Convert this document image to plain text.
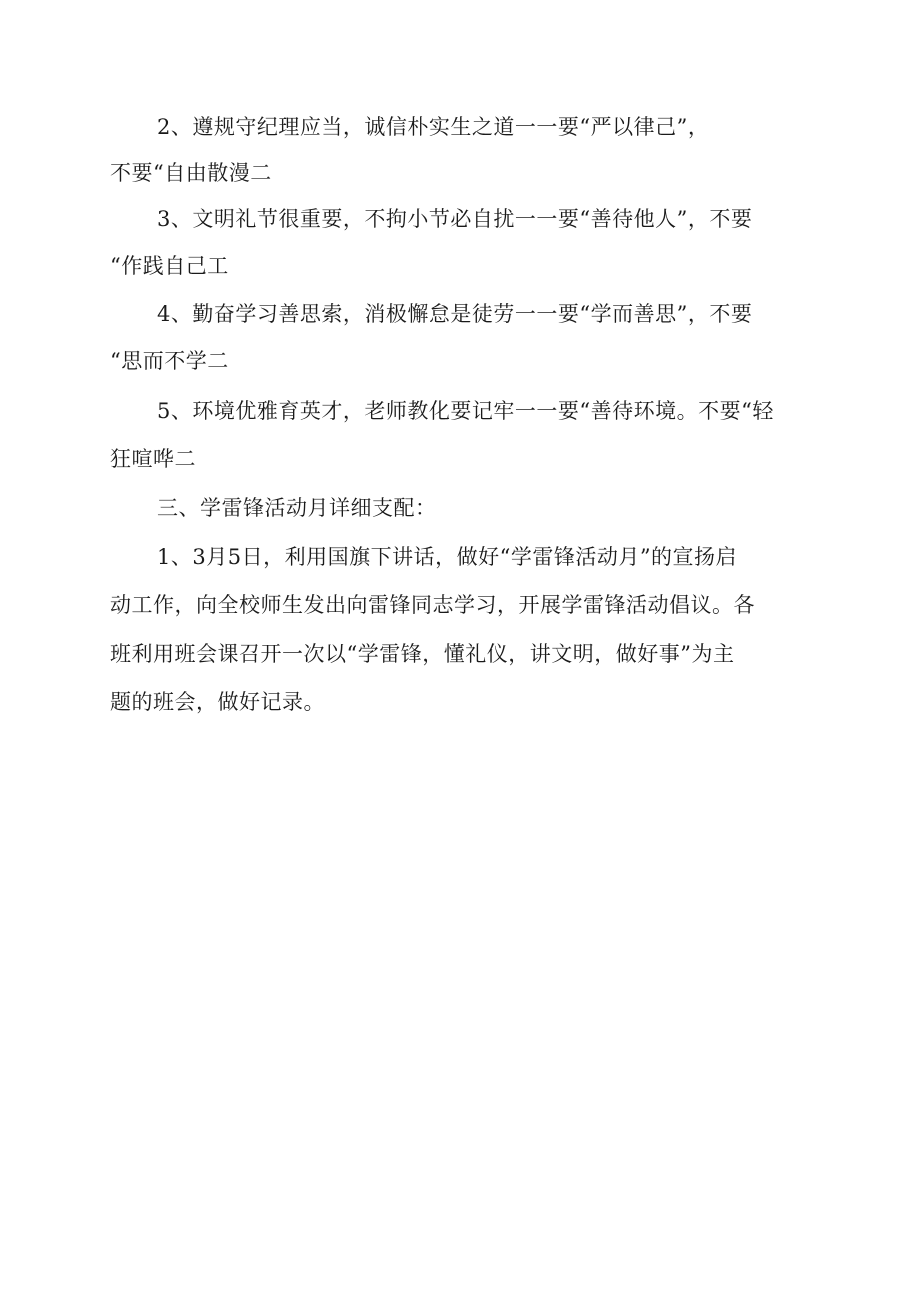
2、遵规守纪理应当，诚信朴实生之道一一要“严以律己”，
不要“自由散漫二
3、文明礼节很重要，不拘小节必自扰一一要“善待他人”，不要
“作践自己工
4、勤奋学习善思索，消极懈怠是徒劳一一要“学而善思”，不要
“思而不学二
5、环境优雅育英才，老师教化要记牢一一要“善待环境。不要“轻
狂喧哗二
三、学雷锋活动月详细支配：
1、3月5日，利用国旗下讲话，做好“学雷锋活动月”的宣扬启
动工作，向全校师生发出向雷锋同志学习，开展学雷锋活动倡议。各
班利用班会课召开一次以“学雷锋，懂礼仪，讲文明，做好事”为主
题的班会，做好记录。
